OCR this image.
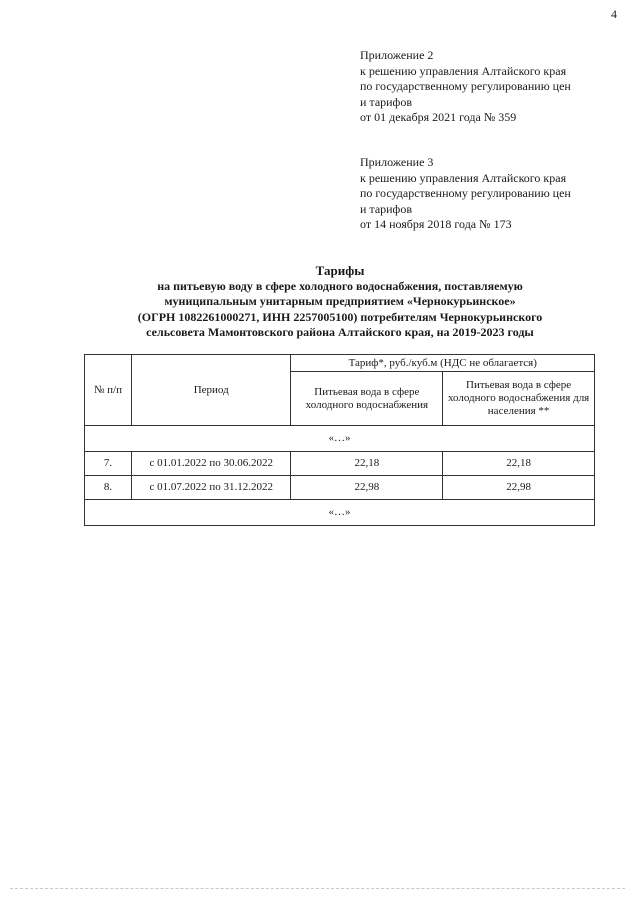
4
Приложение 2
к решению управления Алтайского края
по государственному регулированию цен
и тарифов
от 01 декабря 2021 года № 359
Приложение 3
к решению управления Алтайского края
по государственному регулированию цен
и тарифов
от 14 ноября 2018 года № 173
Тарифы
на питьевую воду в сфере холодного водоснабжения, поставляемую
муниципальным унитарным предприятием «Чернокурьинское»
(ОГРН 1082261000271, ИНН 2257005100) потребителям Чернокурьинского
сельсовета Мамонтовского района Алтайского края, на 2019-2023 годы
№ п/п	Период	Тариф*, руб./куб.м (НДС не облагается)	
		Питьевая вода в сфере холодного водоснабжения	Питьевая вода в сфере холодного водоснабжения для населения **
«…»			
7.	с 01.01.2022 по 30.06.2022	22,18	22,18
8.	с 01.07.2022 по 31.12.2022	22,98	22,98
«…»			
